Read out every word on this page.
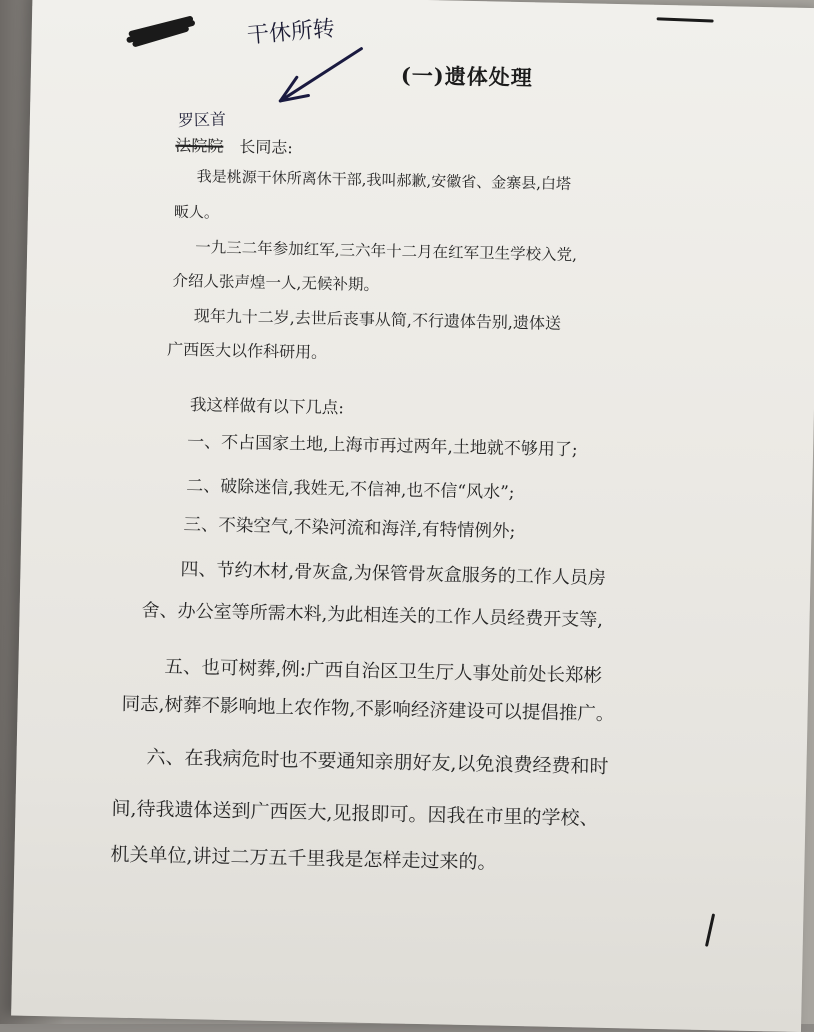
干休所转
(一)遗体处理
罗区首
法院院 长同志:
我是桃源干休所离休干部,我叫郝歉,安徽省、金寨县,白塔
畈人。
一九三二年参加红军,三六年十二月在红军卫生学校入党,
介绍人张声煌一人,无候补期。
现年九十二岁,去世后丧事从简,不行遗体告别,遗体送
广西医大以作科研用。
我这样做有以下几点:
一、不占国家土地,上海市再过两年,土地就不够用了;
二、破除迷信,我姓无,不信神,也不信“风水”;
三、不染空气,不染河流和海洋,有特情例外;
四、节约木材,骨灰盒,为保管骨灰盒服务的工作人员房
舍、办公室等所需木料,为此相连关的工作人员经费开支等,
五、也可树葬,例:广西自治区卫生厅人事处前处长郑彬
同志,树葬不影响地上农作物,不影响经济建设可以提倡推广。
六、在我病危时也不要通知亲朋好友,以免浪费经费和时
间,待我遗体送到广西医大,见报即可。因我在市里的学校、
机关单位,讲过二万五千里我是怎样走过来的。
